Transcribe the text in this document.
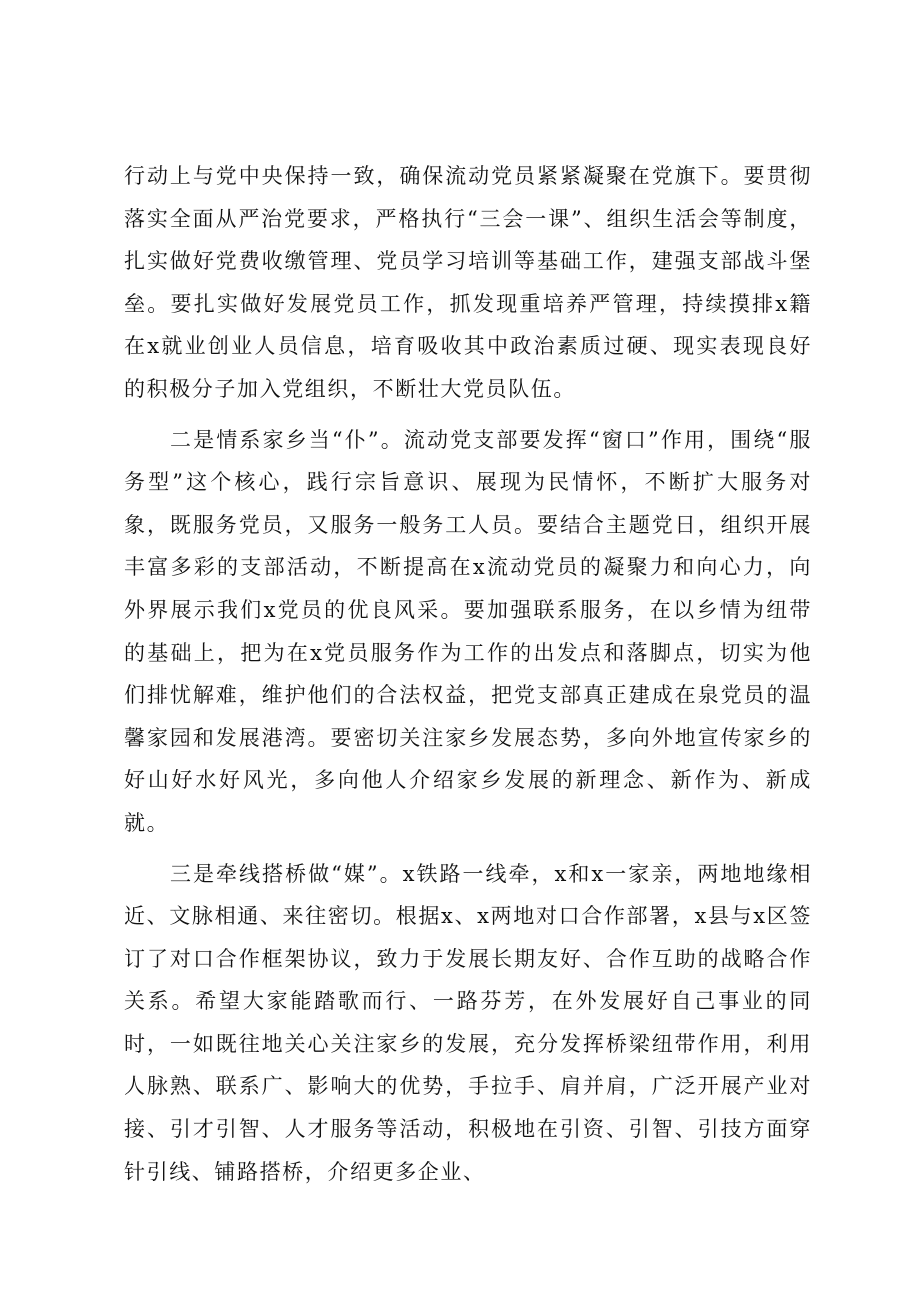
行动上与党中央保持一致，确保流动党员紧紧凝聚在党旗下。要贯彻落实全面从严治党要求，严格执行“三会一课”、组织生活会等制度，扎实做好党费收缴管理、党员学习培训等基础工作，建强支部战斗堡垒。要扎实做好发展党员工作，抓发现重培养严管理，持续摸排x籍在x就业创业人员信息，培育吸收其中政治素质过硬、现实表现良好的积极分子加入党组织，不断壮大党员队伍。

二是情系家乡当“仆”。流动党支部要发挥“窗口”作用，围绕“服务型”这个核心，践行宗旨意识、展现为民情怀，不断扩大服务对象，既服务党员，又服务一般务工人员。要结合主题党日，组织开展丰富多彩的支部活动，不断提高在x流动党员的凝聚力和向心力，向外界展示我们x党员的优良风采。要加强联系服务，在以乡情为纽带的基础上，把为在x党员服务作为工作的出发点和落脚点，切实为他们排忧解难，维护他们的合法权益，把党支部真正建成在泉党员的温馨家园和发展港湾。要密切关注家乡发展态势，多向外地宣传家乡的好山好水好风光，多向他人介绍家乡发展的新理念、新作为、新成就。

三是牵线搭桥做“媒”。x铁路一线牵，x和x一家亲，两地地缘相近、文脉相通、来往密切。根据x、x两地对口合作部署，x县与x区签订了对口合作框架协议，致力于发展长期友好、合作互助的战略合作关系。希望大家能踏歌而行、一路芬芳，在外发展好自己事业的同时，一如既往地关心关注家乡的发展，充分发挥桥梁纽带作用，利用人脉熟、联系广、影响大的优势，手拉手、肩并肩，广泛开展产业对接、引才引智、人才服务等活动，积极地在引资、引智、引技方面穿针引线、铺路搭桥，介绍更多企业、
